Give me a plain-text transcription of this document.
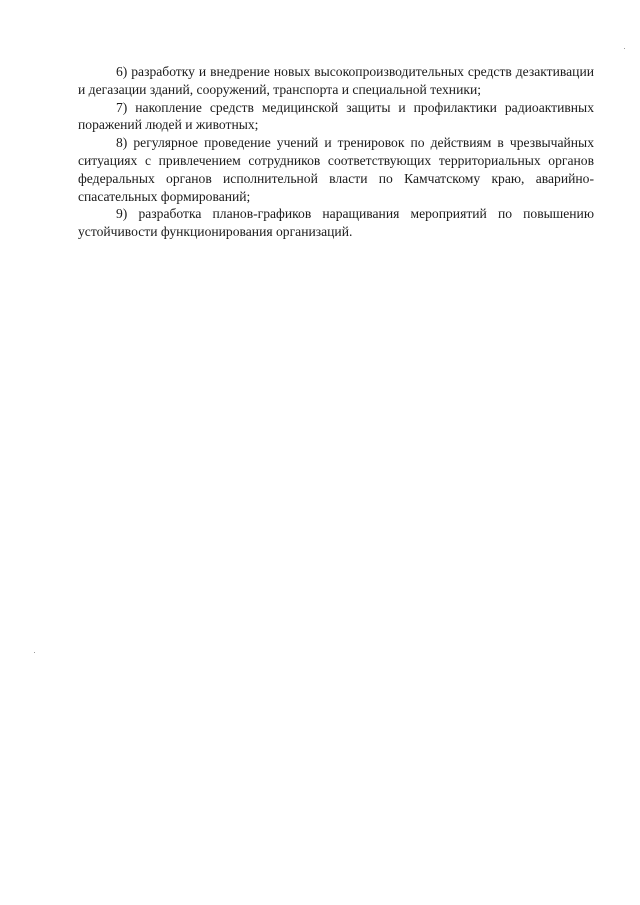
6) разработку и внедрение новых высокопроизводительных средств дезактивации и дегазации зданий, сооружений, транспорта и специальной техники;

7) накопление средств медицинской защиты и профилактики радиоактивных поражений людей и животных;

8) регулярное проведение учений и тренировок по действиям в чрезвычайных ситуациях с привлечением сотрудников соответствующих территориальных органов федеральных органов исполнительной власти по Камчатскому краю, аварийно-спасательных формирований;

9) разработка планов-графиков наращивания мероприятий по повышению устойчивости функционирования организаций.
